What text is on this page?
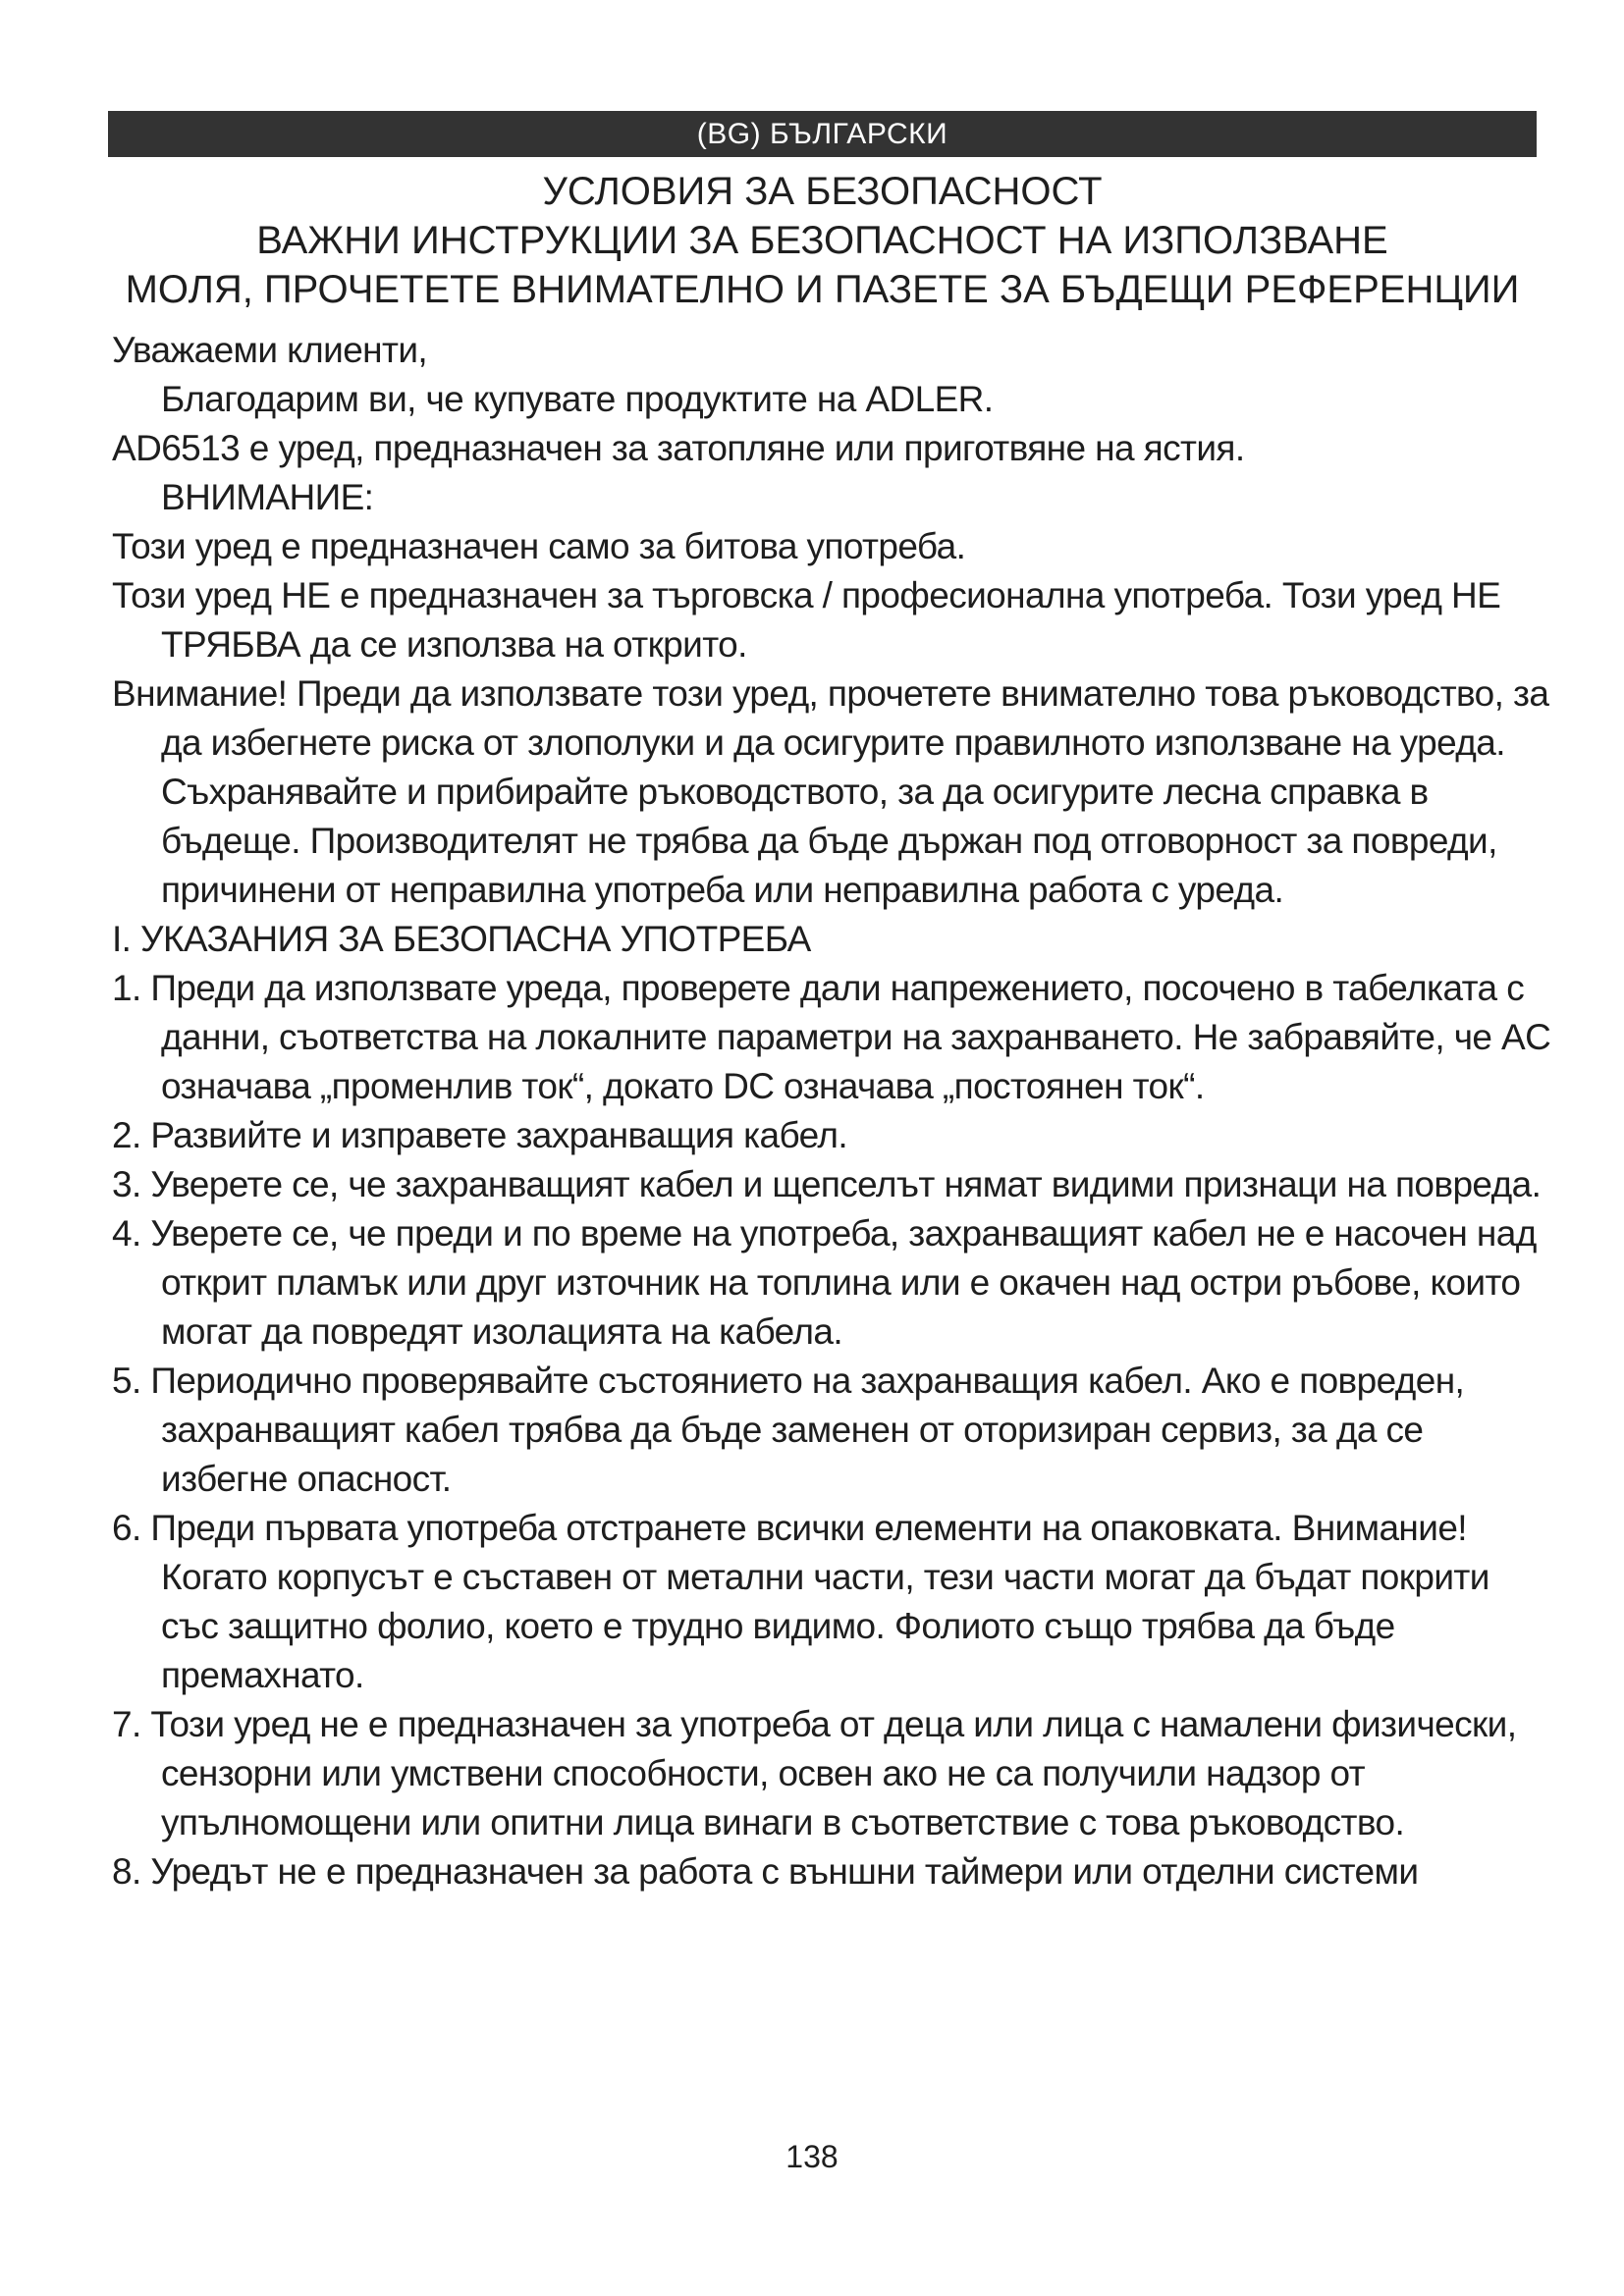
(BG) БЪЛГАРСКИ

УСЛОВИЯ ЗА БЕЗОПАСНОСТ

ВАЖНИ ИНСТРУКЦИИ ЗА БЕЗОПАСНОСТ НА ИЗПОЛЗВАНЕ

МОЛЯ, ПРОЧЕТЕТЕ ВНИМАТЕЛНО И ПАЗЕТЕ ЗА БЪДЕЩИ РЕФЕРЕНЦИИ

Уважаеми клиенти,

Благодарим ви, че купувате продуктите на ADLER.

AD6513 е уред, предназначен за затопляне или приготвяне на ястия.

ВНИМАНИЕ:

Този уред е предназначен само за битова употреба.

Този уред НЕ е предназначен за търговска / професионална употреба. Този уред НЕ ТРЯБВА да се използва на открито.

Внимание! Преди да използвате този уред, прочетете внимателно това ръководство, за да избегнете риска от злополуки и да осигурите правилното използване на уреда. Съхранявайте и прибирайте ръководството, за да осигурите лесна справка в бъдеще. Производителят не трябва да бъде държан под отговорност за повреди, причинени от неправилна употреба или неправилна работа с уреда.

I. УКАЗАНИЯ ЗА БЕЗОПАСНА УПОТРЕБА

1. Преди да използвате уреда, проверете дали напрежението, посочено в табелката с данни, съответства на локалните параметри на захранването. Не забравяйте, че AC означава „променлив ток“, докато DC означава „постоянен ток“.

2. Развийте и изправете захранващия кабел.

3. Уверете се, че захранващият кабел и щепселът нямат видими признаци на повреда.

4. Уверете се, че преди и по време на употреба, захранващият кабел не е насочен над открит пламък или друг източник на топлина или е окачен над остри ръбове, които могат да повредят изолацията на кабела.

5. Периодично проверявайте състоянието на захранващия кабел. Ако е повреден, захранващият кабел трябва да бъде заменен от оторизиран сервиз, за да се избегне опасност.

6. Преди първата употреба отстранете всички елементи на опаковката. Внимание! Когато корпусът е съставен от метални части, тези части могат да бъдат покрити със защитно фолио, което е трудно видимо. Фолиото също трябва да бъде премахнато.

7. Този уред не е предназначен за употреба от деца или лица с намалени физически, сензорни или умствени способности, освен ако не са получили надзор от упълномощени или опитни лица винаги в съответствие с това ръководство.

8. Уредът не е предназначен за работа с външни таймери или отделни системи

138
